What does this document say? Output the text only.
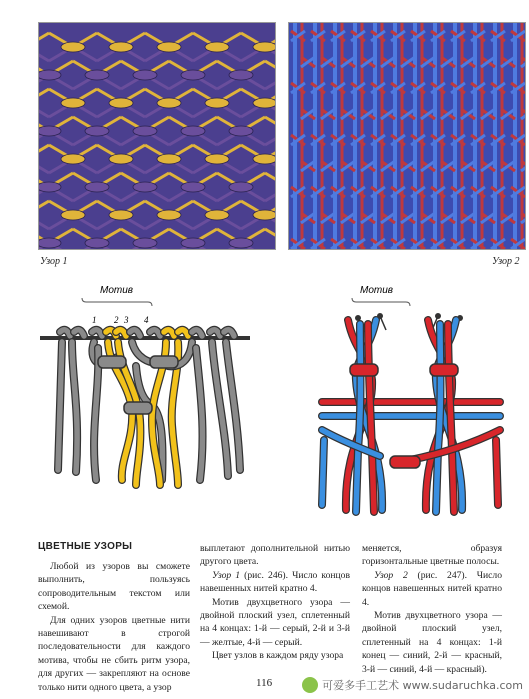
Узор 1	Узор 2
Мотив
1 2 3 4
Мотив
ЦВЕТНЫЕ УЗОРЫ

Любой из узоров вы сможете выполнить, пользуясь сопроводительным текстом или схемой.

Для одних узоров цветные нити навешивают в строгой последовательности для каждого мотива, чтобы не сбить ритм узора, для других — закрепляют на основе только нити одного цвета, а узор

выплетают дополнительной нитью другого цвета.

Узор 1 (рис. 246). Число концов навешенных нитей кратно 4.

Мотив двухцветного узора — двойной плоский узел, сплетенный на 4 концах: 1-й — серый, 2-й и 3-й — желтые, 4-й — серый.

Цвет узлов в каждом ряду узора

меняется, образуя горизонтальные цветные полосы.

Узор 2 (рис. 247). Число концов навешенных нитей кратно 4.

Мотив двухцветного узора — двойной плоский узел, сплетенный на 4 концах: 1-й конец — синий, 2-й — красный, 3-й — синий, 4-й — красный).

116	可爱多手工艺术 www.sudaruchka.com
